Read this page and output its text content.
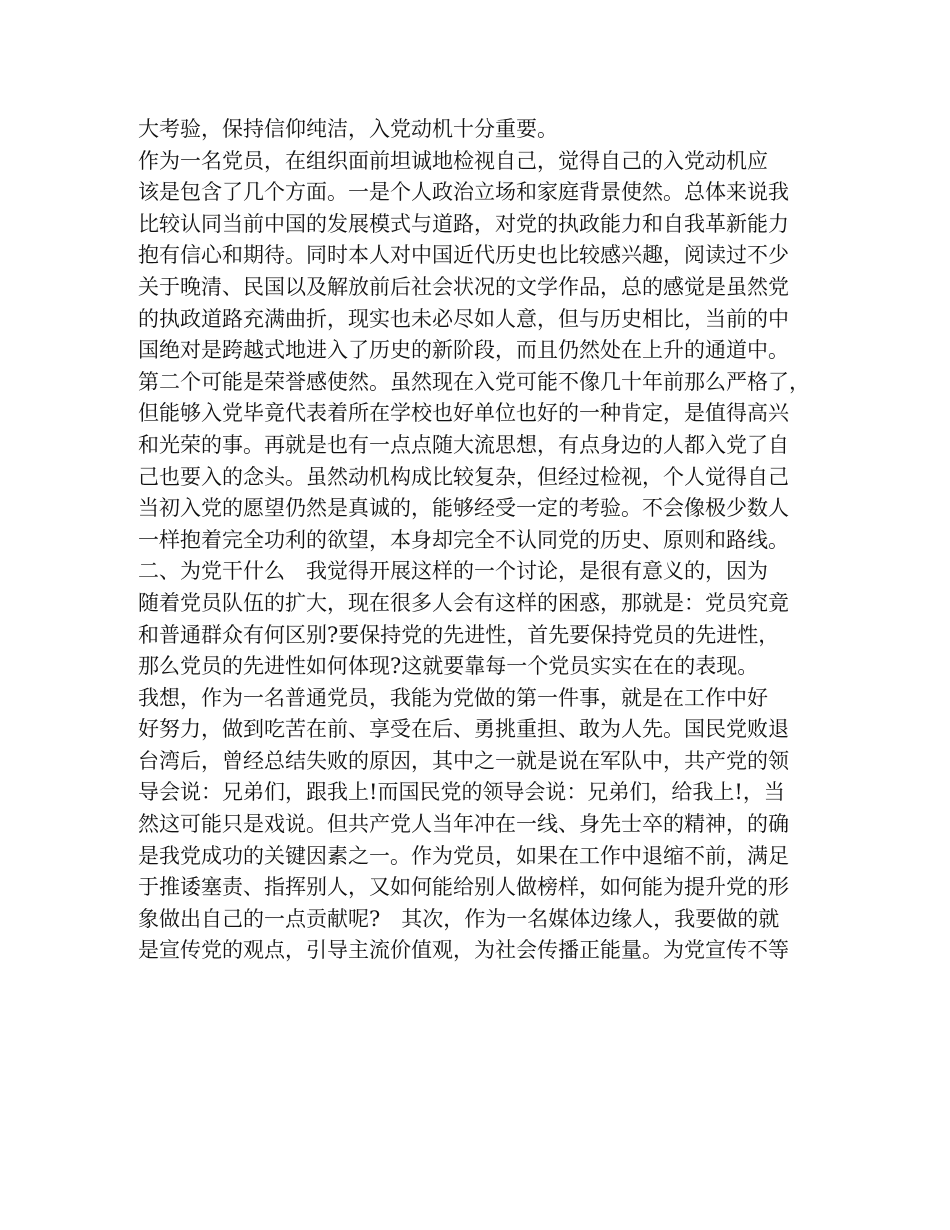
大考验，保持信仰纯洁，入党动机十分重要。
作为一名党员，在组织面前坦诚地检视自己，觉得自己的入党动机应
该是包含了几个方面。一是个人政治立场和家庭背景使然。总体来说我
比较认同当前中国的发展模式与道路，对党的执政能力和自我革新能力
抱有信心和期待。同时本人对中国近代历史也比较感兴趣，阅读过不少
关于晚清、民国以及解放前后社会状况的文学作品，总的感觉是虽然党
的执政道路充满曲折，现实也未必尽如人意，但与历史相比，当前的中
国绝对是跨越式地进入了历史的新阶段，而且仍然处在上升的通道中。
第二个可能是荣誉感使然。虽然现在入党可能不像几十年前那么严格了，
但能够入党毕竟代表着所在学校也好单位也好的一种肯定，是值得高兴
和光荣的事。再就是也有一点点随大流思想，有点身边的人都入党了自
己也要入的念头。虽然动机构成比较复杂，但经过检视，个人觉得自己
当初入党的愿望仍然是真诚的，能够经受一定的考验。不会像极少数人
一样抱着完全功利的欲望，本身却完全不认同党的历史、原则和路线。
二、为党干什么　我觉得开展这样的一个讨论，是很有意义的，因为
随着党员队伍的扩大，现在很多人会有这样的困惑，那就是：党员究竟
和普通群众有何区别?要保持党的先进性，首先要保持党员的先进性，
那么党员的先进性如何体现?这就要靠每一个党员实实在在的表现。
我想，作为一名普通党员，我能为党做的第一件事，就是在工作中好
好努力，做到吃苦在前、享受在后、勇挑重担、敢为人先。国民党败退
台湾后，曾经总结失败的原因，其中之一就是说在军队中，共产党的领
导会说：兄弟们，跟我上!而国民党的领导会说：兄弟们，给我上!，当
然这可能只是戏说。但共产党人当年冲在一线、身先士卒的精神，的确
是我党成功的关键因素之一。作为党员，如果在工作中退缩不前，满足
于推诿塞责、指挥别人，又如何能给别人做榜样，如何能为提升党的形
象做出自己的一点贡献呢?　其次，作为一名媒体边缘人，我要做的就
是宣传党的观点，引导主流价值观，为社会传播正能量。为党宣传不等
